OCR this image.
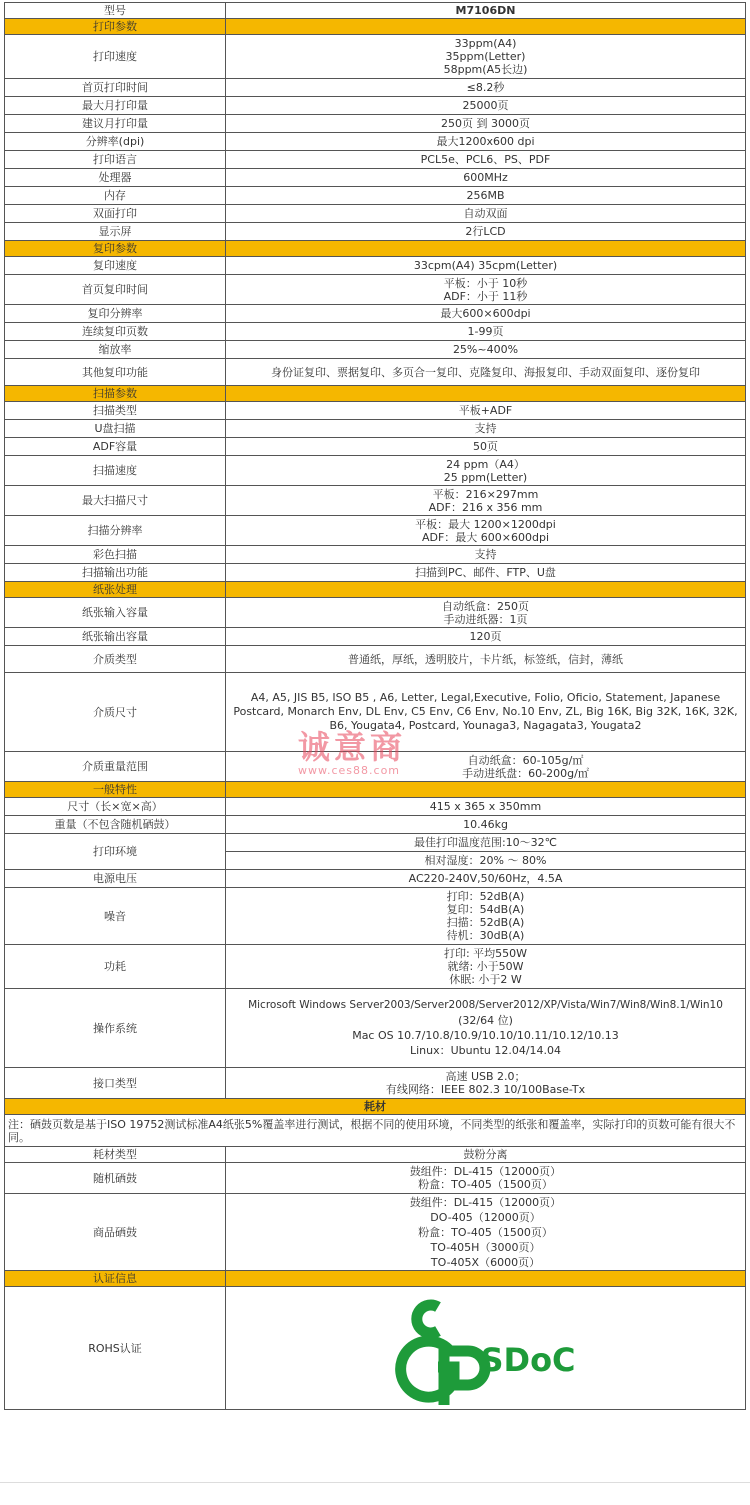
型号	M7106DN
打印参数	
打印速度	33ppm(A4)
35ppm(Letter)
58ppm(A5长边)

首页打印时间	≤8.2秒
最大月打印量	25000页
建议月打印量	250页 到 3000页
分辨率(dpi)	最大1200x600 dpi
打印语言	PCL5e、PCL6、PS、PDF
处理器	600MHz
内存	256MB
双面打印	自动双面
显示屏	2行LCD
复印参数	
复印速度	33cpm(A4) 35cpm(Letter)
首页复印时间	平板：小于 10秒
ADF：小于 11秒

复印分辨率	最大600×600dpi
连续复印页数	1-99页
缩放率	25%~400%
其他复印功能	身份证复印、票据复印、多页合一复印、克隆复印、海报复印、手动双面复印、逐份复印
扫描参数	
扫描类型	平板+ADF
U盘扫描	支持
ADF容量	50页
扫描速度	24 ppm（A4）
25 ppm(Letter)

最大扫描尺寸	平板：216×297mm
ADF：216 x 356 mm

扫描分辨率	平板：最大 1200×1200dpi
ADF：最大 600×600dpi

彩色扫描	支持
扫描输出功能	扫描到PC、邮件、FTP、U盘
纸张处理	
纸张输入容量	自动纸盒：250页
手动进纸器：1页

纸张输出容量	120页
介质类型	普通纸，厚纸，透明胶片，卡片纸，标签纸，信封，薄纸
介质尺寸	A4, A5, JIS B5, ISO B5 , A6, Letter, Legal,Executive, Folio, Oficio, Statement, Japanese Postcard, Monarch Env, DL Env, C5 Env, C6 Env, No.10 Env, ZL, Big 16K, Big 32K, 16K, 32K, B6, Yougata4, Postcard, Younaga3, Nagagata3, Yougata2
介质重量范围	自动纸盒：60-105g/㎡
手动进纸盘：60-200g/㎡

一般特性	
尺寸（长×宽×高）	415 x 365 x 350mm
重量（不包含随机硒鼓）	10.46kg
打印环境	最佳打印温度范围:10～32℃
	相对湿度：20% ～ 80%
电源电压	AC220-240V,50/60Hz，4.5A
噪音	打印：52dB(A)
复印：54dB(A)
扫描：52dB(A)
待机：30dB(A)

功耗	打印: 平均550W
就绪: 小于50W
休眠: 小于2 W

操作系统	Microsoft Windows Server2003/Server2008/Server2012/XP/Vista/Win7/Win8/Win8.1/Win10
(32/64 位)
Mac OS 10.7/10.8/10.9/10.10/10.11/10.12/10.13
Linux：Ubuntu 12.04/14.04

接口类型	高速 USB 2.0；
有线网络：IEEE 802.3 10/100Base-Tx

耗材	
注：硒鼓页数是基于ISO 19752测试标准A4纸张5%覆盖率进行测试，根据不同的使用环境，不同类型的纸张和覆盖率，实际打印的页数可能有很大不同。	
耗材类型	鼓粉分离
随机硒鼓	鼓组件：DL-415（12000页）
粉盒：TO-405（1500页）

商品硒鼓	鼓组件：DL-415（12000页）
DO-405（12000页）
粉盒：TO-405（1500页）
TO-405H（3000页）
TO-405X（6000页）

认证信息	
ROHS认证	SDoC
诚意商
www.ces88.com
